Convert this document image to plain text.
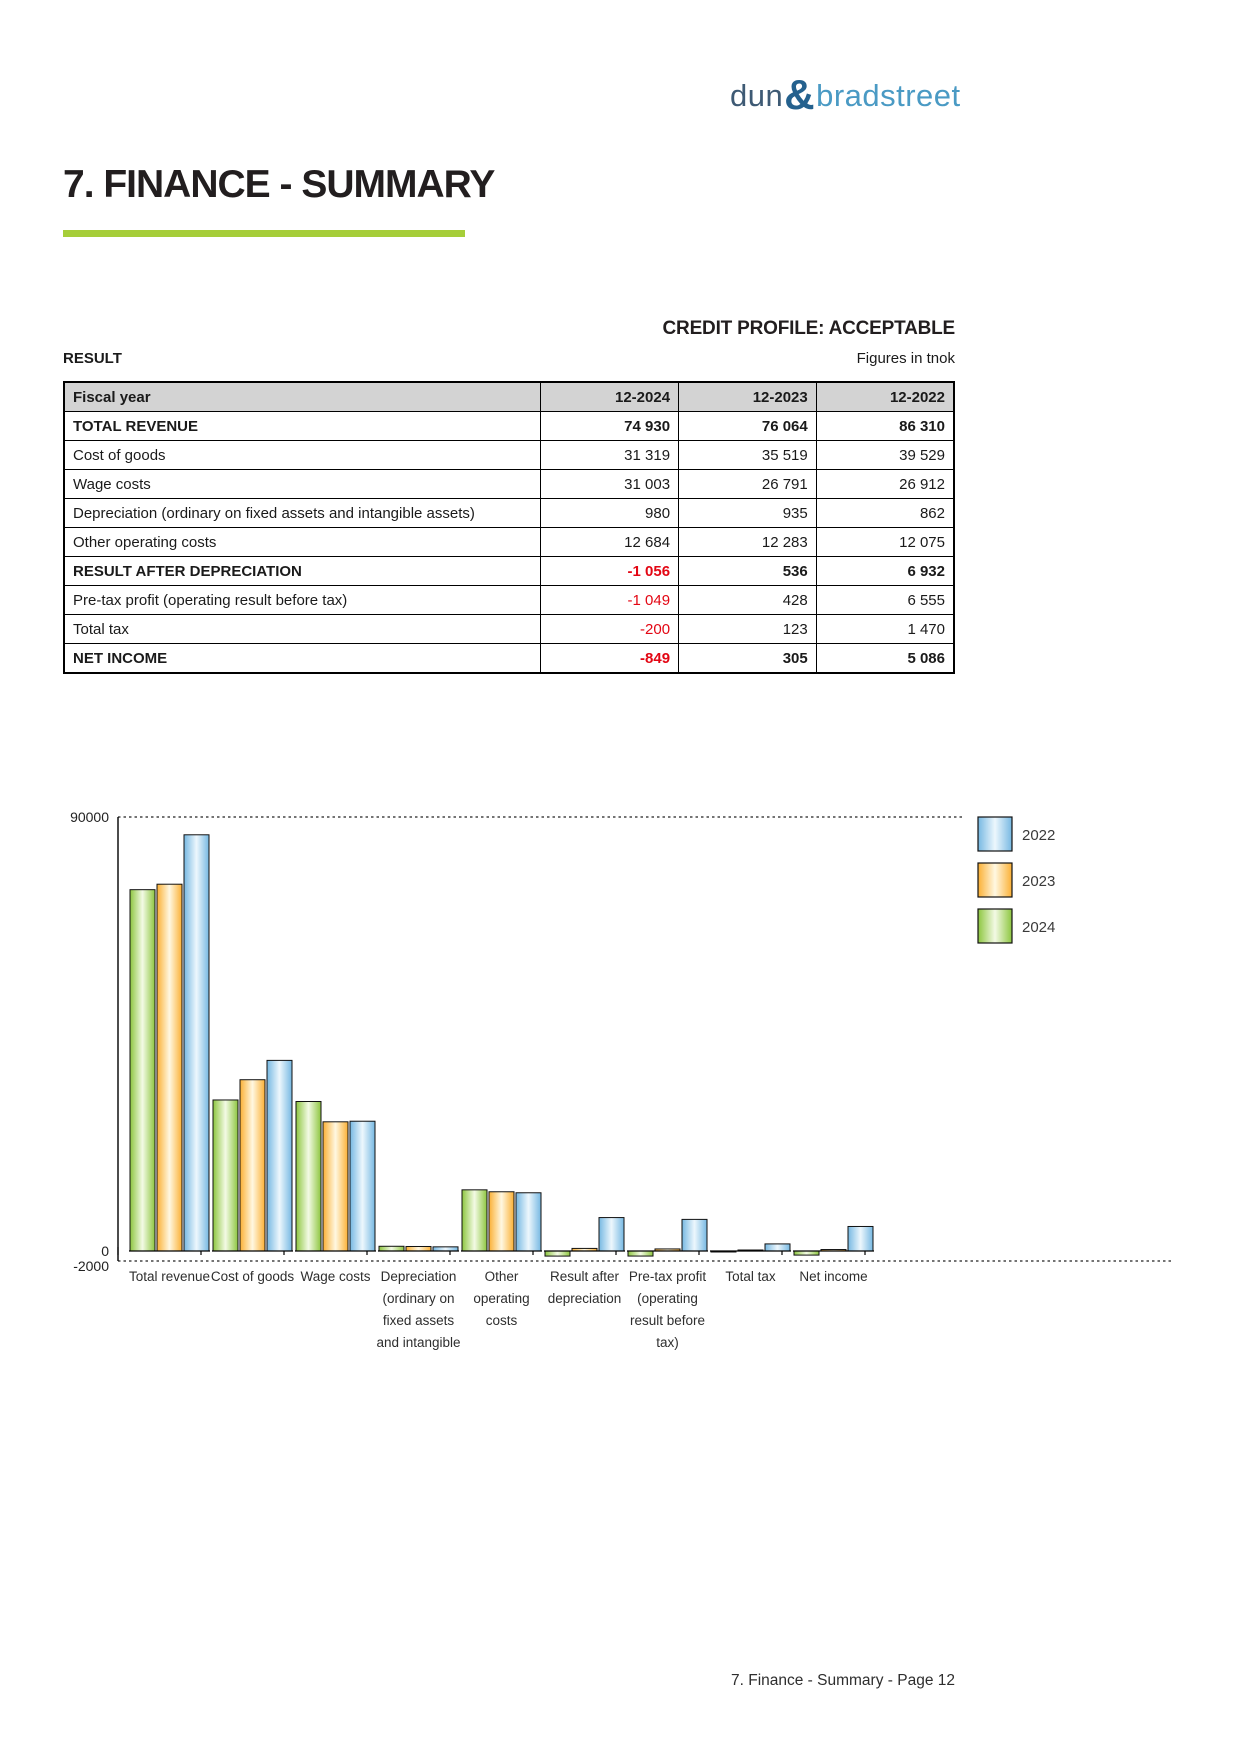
dun&bradstreet
7. FINANCE - SUMMARY
CREDIT PROFILE: ACCEPTABLE
RESULT	Figures in tnok
Fiscal year	12-2024	12-2023	12-2022
TOTAL REVENUE	74 930	76 064	86 310
Cost of goods	31 319	35 519	39 529
Wage costs	31 003	26 791	26 912
Depreciation (ordinary on fixed assets and intangible assets)	980	935	862
Other operating costs	12 684	12 283	12 075
RESULT AFTER DEPRECIATION	-1 056	536	6 932
Pre-tax profit (operating result before tax)	-1 049	428	6 555
Total tax	-200	123	1 470
NET INCOME	-849	305	5 086
90000
0
-2000
Total revenue Cost of goods Wage costs Depreciation (ordinary on fixed assets and intangible
Other operating costs
Result after depreciation
Pre-tax profit (operating result before tax)
Total tax Net income
2022
2023
2024
7. Finance - Summary - Page 12
